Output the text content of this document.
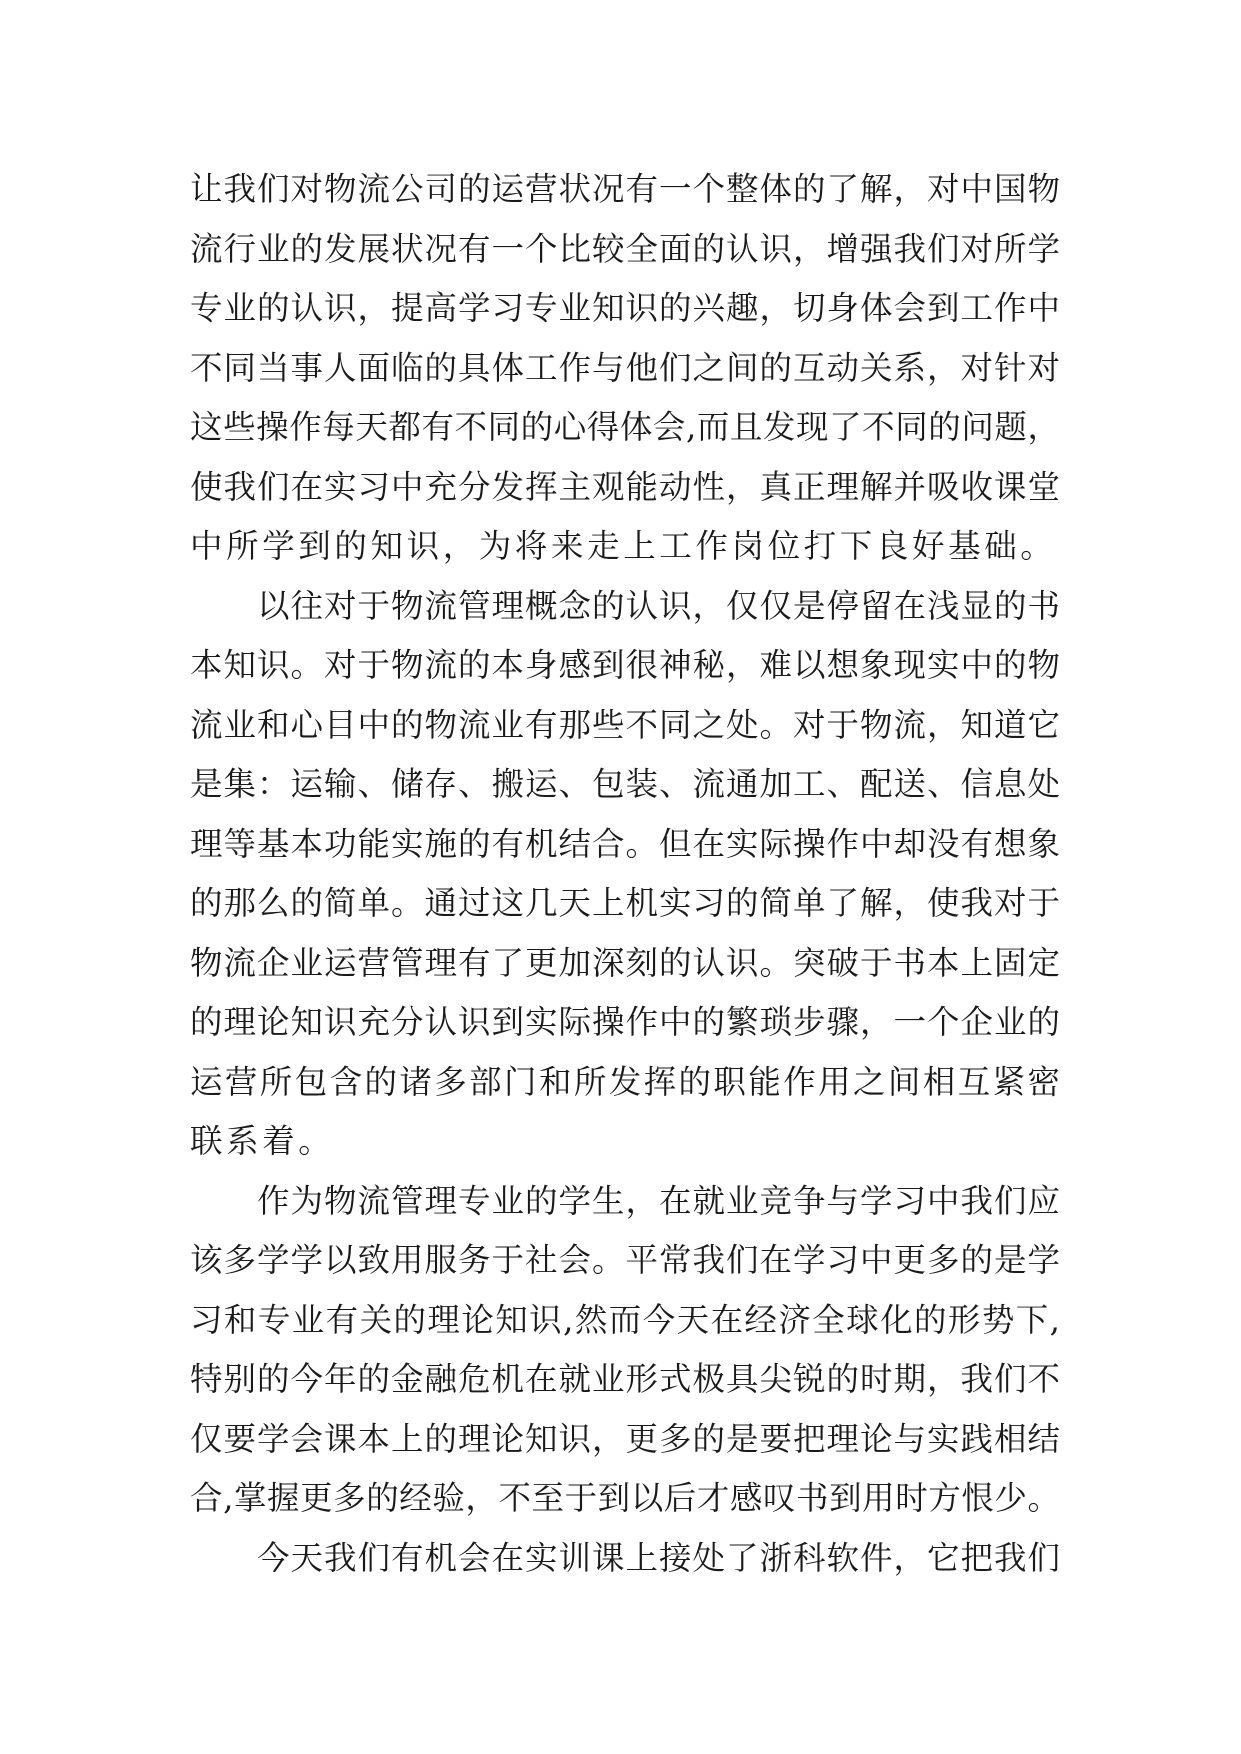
让我们对物流公司的运营状况有一个整体的了解，对中国物
流行业的发展状况有一个比较全面的认识，增强我们对所学
专业的认识，提高学习专业知识的兴趣，切身体会到工作中
不同当事人面临的具体工作与他们之间的互动关系，对针对
这些操作每天都有不同的心得体会,而且发现了不同的问题，
使我们在实习中充分发挥主观能动性，真正理解并吸收课堂
中所学到的知识，为将来走上工作岗位打下良好基础。
以往对于物流管理概念的认识，仅仅是停留在浅显的书
本知识。对于物流的本身感到很神秘，难以想象现实中的物
流业和心目中的物流业有那些不同之处。对于物流，知道它
是集：运输、储存、搬运、包装、流通加工、配送、信息处
理等基本功能实施的有机结合。但在实际操作中却没有想象
的那么的简单。通过这几天上机实习的简单了解，使我对于
物流企业运营管理有了更加深刻的认识。突破于书本上固定
的理论知识充分认识到实际操作中的繁琐步骤，一个企业的
运营所包含的诸多部门和所发挥的职能作用之间相互紧密
联系着。
作为物流管理专业的学生，在就业竞争与学习中我们应
该多学学以致用服务于社会。平常我们在学习中更多的是学
习和专业有关的理论知识,然而今天在经济全球化的形势下,
特别的今年的金融危机在就业形式极具尖锐的时期，我们不
仅要学会课本上的理论知识，更多的是要把理论与实践相结
合,掌握更多的经验，不至于到以后才感叹书到用时方恨少。
今天我们有机会在实训课上接处了浙科软件，它把我们
